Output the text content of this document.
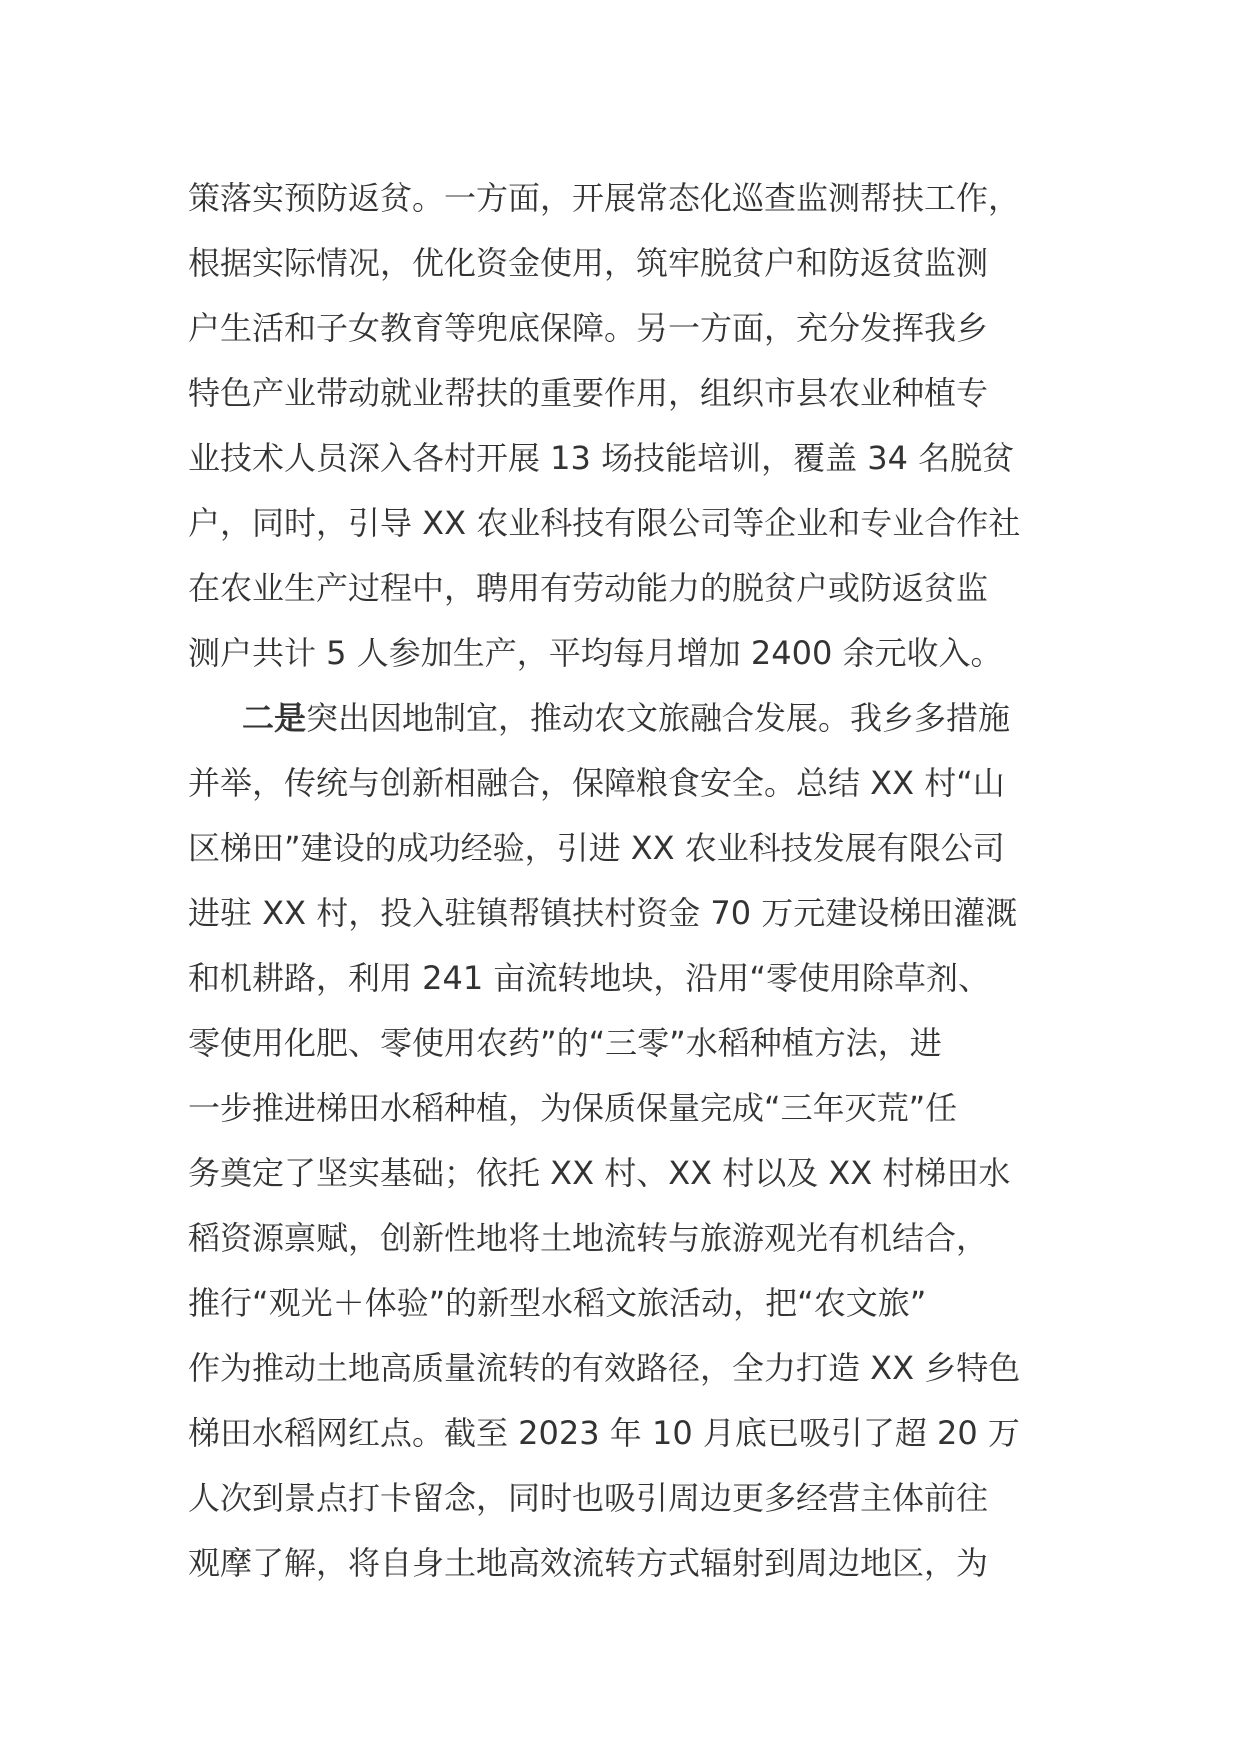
策落实预防返贫。一方面，开展常态化巡查监测帮扶工作，
根据实际情况，优化资金使用，筑牢脱贫户和防返贫监测
户生活和子女教育等兜底保障。另一方面，充分发挥我乡
特色产业带动就业帮扶的重要作用，组织市县农业种植专
业技术人员深入各村开展 13 场技能培训，覆盖 34 名脱贫
户，同时，引导 XX 农业科技有限公司等企业和专业合作社
在农业生产过程中，聘用有劳动能力的脱贫户或防返贫监
测户共计 5 人参加生产，平均每月增加 2400 余元收入。
二是突出因地制宜，推动农文旅融合发展。我乡多措施
并举，传统与创新相融合，保障粮食安全。总结 XX 村“山
区梯田”建设的成功经验，引进 XX 农业科技发展有限公司
进驻 XX 村，投入驻镇帮镇扶村资金 70 万元建设梯田灌溉
和机耕路，利用 241 亩流转地块，沿用“零使用除草剂、
零使用化肥、零使用农药”的“三零”水稻种植方法，进
一步推进梯田水稻种植，为保质保量完成“三年灭荒”任
务奠定了坚实基础；依托 XX 村、XX 村以及 XX 村梯田水
稻资源禀赋，创新性地将土地流转与旅游观光有机结合，
推行“观光＋体验”的新型水稻文旅活动，把“农文旅”
作为推动土地高质量流转的有效路径，全力打造 XX 乡特色
梯田水稻网红点。截至 2023 年 10 月底已吸引了超 20 万
人次到景点打卡留念，同时也吸引周边更多经营主体前往
观摩了解，将自身土地高效流转方式辐射到周边地区，为
